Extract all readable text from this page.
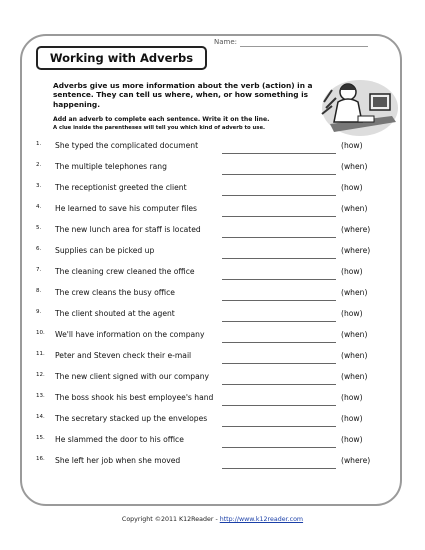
Name:
Working with Adverbs
Adverbs give us more information about the verb (action) in a sentence. They can tell us where, when, or how something is happening.
Add an adverb to complete each sentence. Write it on the line.
A clue inside the parentheses will tell you which kind of adverb to use.
1. She typed the complicated document	(how)
2. The multiple telephones rang	(when)
3. The receptionist greeted the client	(how)
4. He learned to save his computer files	(when)
5. The new lunch area for staff is located	(where)
6. Supplies can be picked up	(where)
7. The cleaning crew cleaned the office	(how)
8. The crew cleans the busy office	(when)
9. The client shouted at the agent	(how)
10. We'll have information on the company	(when)
11. Peter and Steven check their e-mail	(when)
12. The new client signed with our company	(when)
13. The boss shook his best employee's hand	(how)
14. The secretary stacked up the envelopes	(how)
15. He slammed the door to his office	(how)
16. She left her job when she moved	(where)
Copyright ©2011 K12Reader - http://www.k12reader.com
